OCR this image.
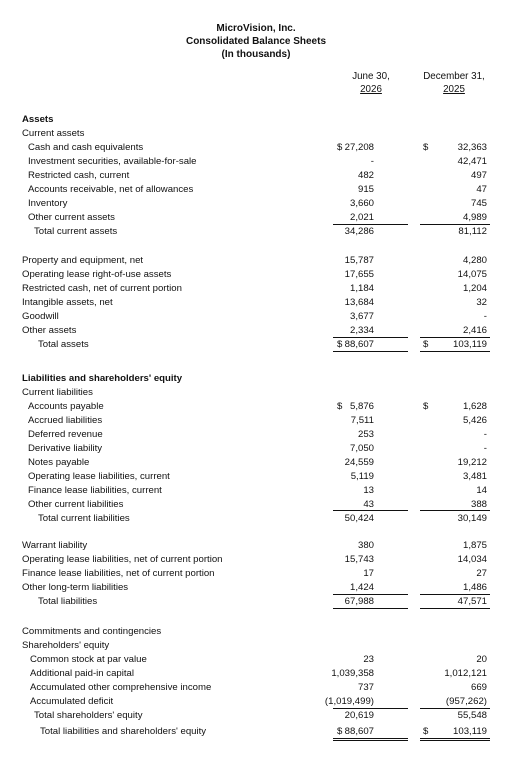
MicroVision, Inc.
Consolidated Balance Sheets
(In thousands)
June 30,
2026
December 31,
2025
Assets
Current assets
Cash and cash equivalents	$ 27,208	$	32,363
Investment securities, available-for-sale	-	42,471
Restricted cash, current	482	497
Accounts receivable, net of allowances	915	47
Inventory	3,660	745
Other current assets	2,021	4,989
Total current assets	34,286	81,112
Property and equipment, net	15,787	4,280
Operating lease right-of-use assets	17,655	14,075
Restricted cash, net of current portion	1,184	1,204
Intangible assets, net	13,684	32
Goodwill	3,677	-
Other assets	2,334	2,416
Total assets	$ 88,607	$	103,119
Liabilities and shareholders' equity
Current liabilities
Accounts payable	$ 5,876	$	1,628
Accrued liabilities	7,511	5,426
Deferred revenue	253	-
Derivative liability	7,050	-
Notes payable	24,559	19,212
Operating lease liabilities, current	5,119	3,481
Finance lease liabilities, current	13	14
Other current liabilities	43	388
Total current liabilities	50,424	30,149
Warrant liability	380	1,875
Operating lease liabilities, net of current portion	15,743	14,034
Finance lease liabilities, net of current portion	17	27
Other long-term liabilities	1,424	1,486
Total liabilities	67,988	47,571
Commitments and contingencies
Shareholders' equity
Common stock at par value	23	20
Additional paid-in capital	1,039,358	1,012,121
Accumulated other comprehensive income	737	669
Accumulated deficit	(1,019,499)	(957,262)
Total shareholders' equity	20,619	55,548
Total liabilities and shareholders' equity	$ 88,607	$	103,119
